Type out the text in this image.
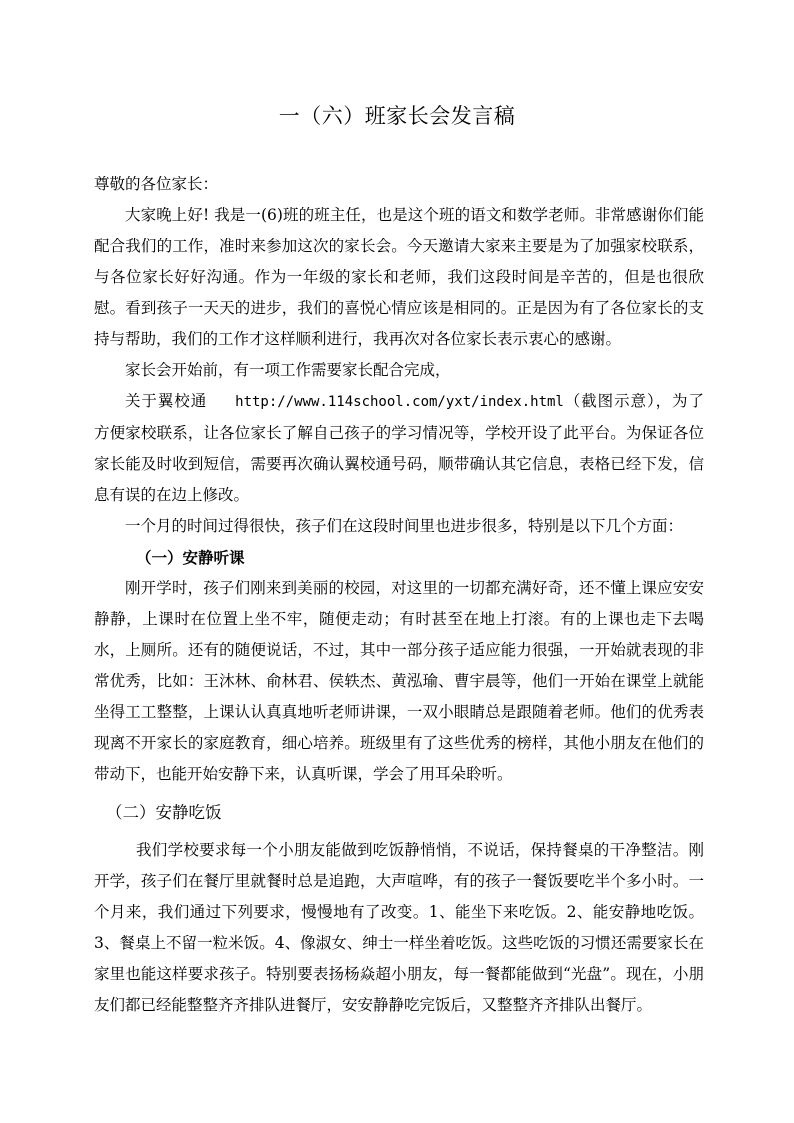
一（六）班家长会发言稿

尊敬的各位家长：

大家晚上好! 我是一(6)班的班主任，也是这个班的语文和数学老师。非常感谢你们能配合我们的工作，准时来参加这次的家长会。今天邀请大家来主要是为了加强家校联系，与各位家长好好沟通。作为一年级的家长和老师，我们这段时间是辛苦的，但是也很欣慰。看到孩子一天天的进步，我们的喜悦心情应该是相同的。正是因为有了各位家长的支持与帮助，我们的工作才这样顺利进行，我再次对各位家长表示衷心的感谢。

家长会开始前，有一项工作需要家长配合完成，

关于翼校通 http://www.114school.com/yxt/index.html（截图示意），为了方便家校联系，让各位家长了解自己孩子的学习情况等，学校开设了此平台。为保证各位家长能及时收到短信，需要再次确认翼校通号码，顺带确认其它信息，表格已经下发，信息有误的在边上修改。

一个月的时间过得很快，孩子们在这段时间里也进步很多，特别是以下几个方面：

（一）安静听课

刚开学时，孩子们刚来到美丽的校园，对这里的一切都充满好奇，还不懂上课应安安静静，上课时在位置上坐不牢，随便走动；有时甚至在地上打滚。有的上课也走下去喝水，上厕所。还有的随便说话，不过，其中一部分孩子适应能力很强，一开始就表现的非常优秀，比如：王沐林、俞林君、侯轶杰、黄泓瑜、曹宇晨等，他们一开始在课堂上就能坐得工工整整，上课认认真真地听老师讲课，一双小眼睛总是跟随着老师。他们的优秀表现离不开家长的家庭教育，细心培养。班级里有了这些优秀的榜样，其他小朋友在他们的带动下，也能开始安静下来，认真听课，学会了用耳朵聆听。

（二）安静吃饭

我们学校要求每一个小朋友能做到吃饭静悄悄，不说话，保持餐桌的干净整洁。刚开学，孩子们在餐厅里就餐时总是追跑，大声喧哗，有的孩子一餐饭要吃半个多小时。一个月来，我们通过下列要求，慢慢地有了改变。1、能坐下来吃饭。2、能安静地吃饭。3、餐桌上不留一粒米饭。4、像淑女、绅士一样坐着吃饭。这些吃饭的习惯还需要家长在家里也能这样要求孩子。特别要表扬杨焱超小朋友，每一餐都能做到“光盘”。现在，小朋友们都已经能整整齐齐排队进餐厅，安安静静吃完饭后，又整整齐齐排队出餐厅。
